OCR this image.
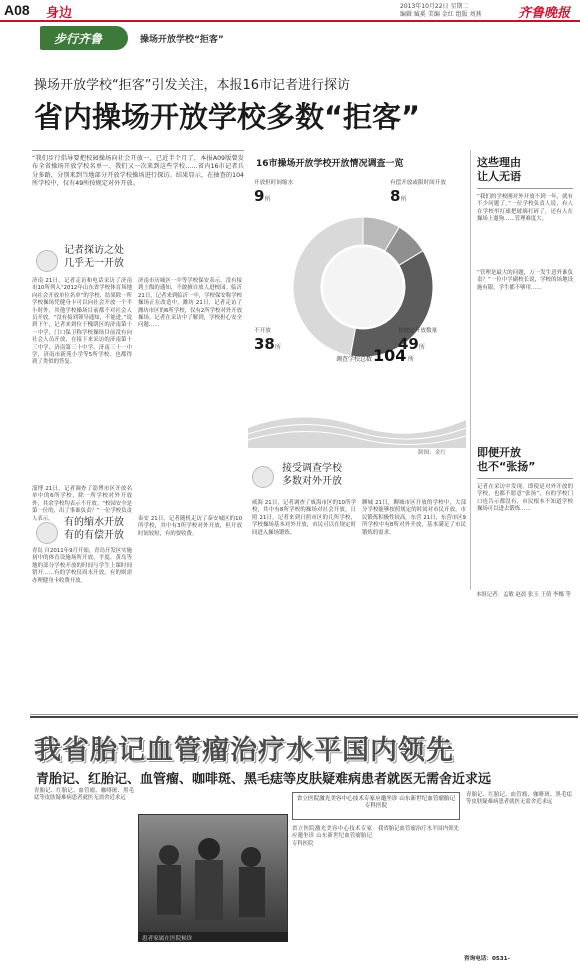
A08 身边	2013年10月22日 星期二
编辑 臧奚 美编 金红 组版 刘燕	齐鲁晚报
步行齐鲁	操场开放学校“拒客”
操场开放学校“拒客”引发关注，本报16市记者进行探访
省内操场开放学校多数“拒客”
“我们步行倡导要把校园操场向社会开放一、已近半个月了，本报A09版曾发布全省操场开放学校名单一、我们又一次来到这些学校……省内16市记者兵分多路，分别来到当地部分开放学校操场进行探访。结果显示，在抽查的104所学校中，仅有49所按规定对外开放。
记者探访之处
几乎无一开放
济南 21日，记者走访和电话采访了济南市10所列入“2012年山东省学校体育场地向社会开放单位名单”的学校，结果除一所学校操场凭健身卡可以向社会开放一个半小时外，其他学校操场目前都不对社会人员开放。“没有接到领导通知，不能进。”说到下午，记者来到位于槐荫区的济南第十一中学，门口保卫称学校操场目前没有向社会人员开放，在接下来采访的济南第十三中学、济南第三十中学、济南三十一中学，济南市新苑小学等5所学校，也都得到了类似的答复。
济南市历城区一中等学校保安表示，没有接到上级的通知，不敢擅自放人进校园。临沂 21日，记者来到临沂一中，学校保安称学校操场正在改造中。潍坊 21日，记者走访了潍坊市区的6所学校，仅有2所学校对外开放操场。记者在采访中了解到，学校担心安全问题……
淄博 21日，记者调查了淄博市区开放名单中的6所学校，除一所学校对外开放外，其余学校均表示不开放。“校园安全是第一位的，出了事谁负责？”一位学校负责人表示。	有的缩水开放
有的有偿开放
青岛 自2011年9月开始，青岛开发区实施初中的体育设施场所开放。平度、黄岛等地的部分学校开放的时间与学生上课时间错开……有的学校仅周末开放，有的则需办理健身卡收费开放。
泰安 21日，记者随机走访了泰安城区的10所学校，其中有3所学校对外开放，但开放时间较短，有的要收费。
16市操场开放学校开放情况调查一览
开放但时间缩水
9所
有偿开放或限时间开放
8所
不开放
38所
按规定开放数量
49所
调查学校总数 104 所
制图：金红
接受调查学校
多数对外开放
威海 21日，记者调查了威海市区的10所学校，其中有8所学校的操场对社会开放。日照 21日，记者来到日照市区的几所学校，学校操场基本对外开放，市民可以在规定时间进入操场锻炼。
聊城 21日，聊城市区开放的学校中，大部分学校能够按照规定的时间对市民开放，市民锻炼积极性较高。东营 21日，东营市区9所学校中有8所对外开放，基本满足了市民锻炼的需求。
这些理由
让人无语
“我们的学校刚对外开放不到一年，就有不少问题了。”一位学校负责人说，有人在学校里打球把玻璃打碎了，还有人在操场上遛狗……管理难度大。
“管理是最大的问题，万一发生意外谁负责？”一位中学副校长说，学校的场地设施有限，学生都不够用……
即便开放
也不“张扬”
记者在采访中发现，即使是对外开放的学校，也都不愿意“张扬”，有的学校门口连告示都没有，市民根本不知道学校操场可以进去锻炼……
本组记者：孟敏 赵晨 张玉 王倩 李娜 等
我省胎记血管瘤治疗水平国内领先
青胎记、红胎记、血管瘤、咖啡斑、黑毛痣等皮肤疑难病患者就医无需舍近求远
省立医院激光美容中心技术专家应邀坐诊 山东新世纪血管瘤胎记专科医院
患者家属在医院候诊
青胎记、红胎记、血管瘤、咖啡斑、黑毛痣等皮肤疑难病患者就医无需舍近求远
省立医院激光美容中心技术专家应邀坐诊 山东新世纪血管瘤胎记专科医院
我省胎记血管瘤治疗水平国内领先
青胎记、红胎记、血管瘤、咖啡斑、黑毛痣等皮肤疑难病患者就医无需舍近求远
咨询电话：0531-
